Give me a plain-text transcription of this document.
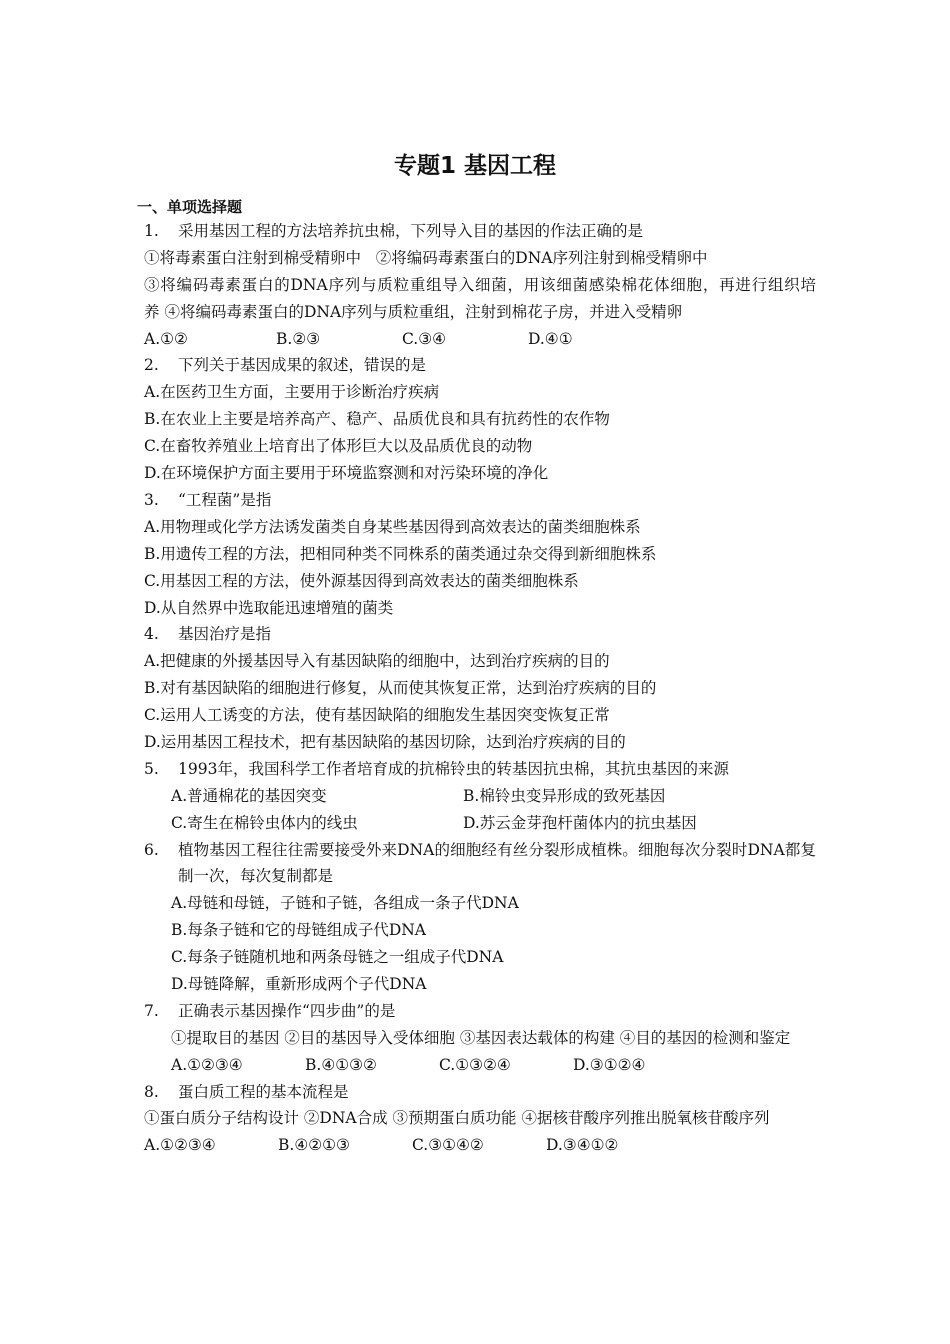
专题1 基因工程
一、单项选择题
1. 采用基因工程的方法培养抗虫棉，下列导入目的基因的作法正确的是
①将毒素蛋白注射到棉受精卵中 ②将编码毒素蛋白的DNA序列注射到棉受精卵中
③将编码毒素蛋白的DNA序列与质粒重组导入细菌，用该细菌感染棉花体细胞，再进行组织培养 ④将编码毒素蛋白的DNA序列与质粒重组，注射到棉花子房，并进入受精卵
A.①②	B.②③	C.③④	D.④①
2. 下列关于基因成果的叙述，错误的是
A.在医药卫生方面，主要用于诊断治疗疾病
B.在农业上主要是培养高产、稳产、品质优良和具有抗药性的农作物
C.在畜牧养殖业上培育出了体形巨大以及品质优良的动物
D.在环境保护方面主要用于环境监察测和对污染环境的净化
3. “工程菌”是指
A.用物理或化学方法诱发菌类自身某些基因得到高效表达的菌类细胞株系
B.用遗传工程的方法，把相同种类不同株系的菌类通过杂交得到新细胞株系
C.用基因工程的方法，使外源基因得到高效表达的菌类细胞株系
D.从自然界中选取能迅速增殖的菌类
4. 基因治疗是指
A.把健康的外援基因导入有基因缺陷的细胞中，达到治疗疾病的目的
B.对有基因缺陷的细胞进行修复，从而使其恢复正常，达到治疗疾病的目的
C.运用人工诱变的方法，使有基因缺陷的细胞发生基因突变恢复正常
D.运用基因工程技术，把有基因缺陷的基因切除，达到治疗疾病的目的
5. 1993年，我国科学工作者培育成的抗棉铃虫的转基因抗虫棉，其抗虫基因的来源
A.普通棉花的基因突变	B.棉铃虫变异形成的致死基因
C.寄生在棉铃虫体内的线虫	D.苏云金芽孢杆菌体内的抗虫基因
6.	植物基因工程往往需要接受外来DNA的细胞经有丝分裂形成植株。细胞每次分裂时DNA都复制一次，每次复制都是
A.母链和母链，子链和子链，各组成一条子代DNA
B.每条子链和它的母链组成子代DNA
C.每条子链随机地和两条母链之一组成子代DNA
D.母链降解，重新形成两个子代DNA
7. 正确表示基因操作“四步曲”的是
①提取目的基因 ②目的基因导入受体细胞 ③基因表达载体的构建 ④目的基因的检测和鉴定
A.①②③④	B.④①③②	C.①③②④	D.③①②④
8. 蛋白质工程的基本流程是
①蛋白质分子结构设计 ②DNA合成 ③预期蛋白质功能 ④据核苷酸序列推出脱氧核苷酸序列
A.①②③④	B.④②①③	C.③①④②	D.③④①②
